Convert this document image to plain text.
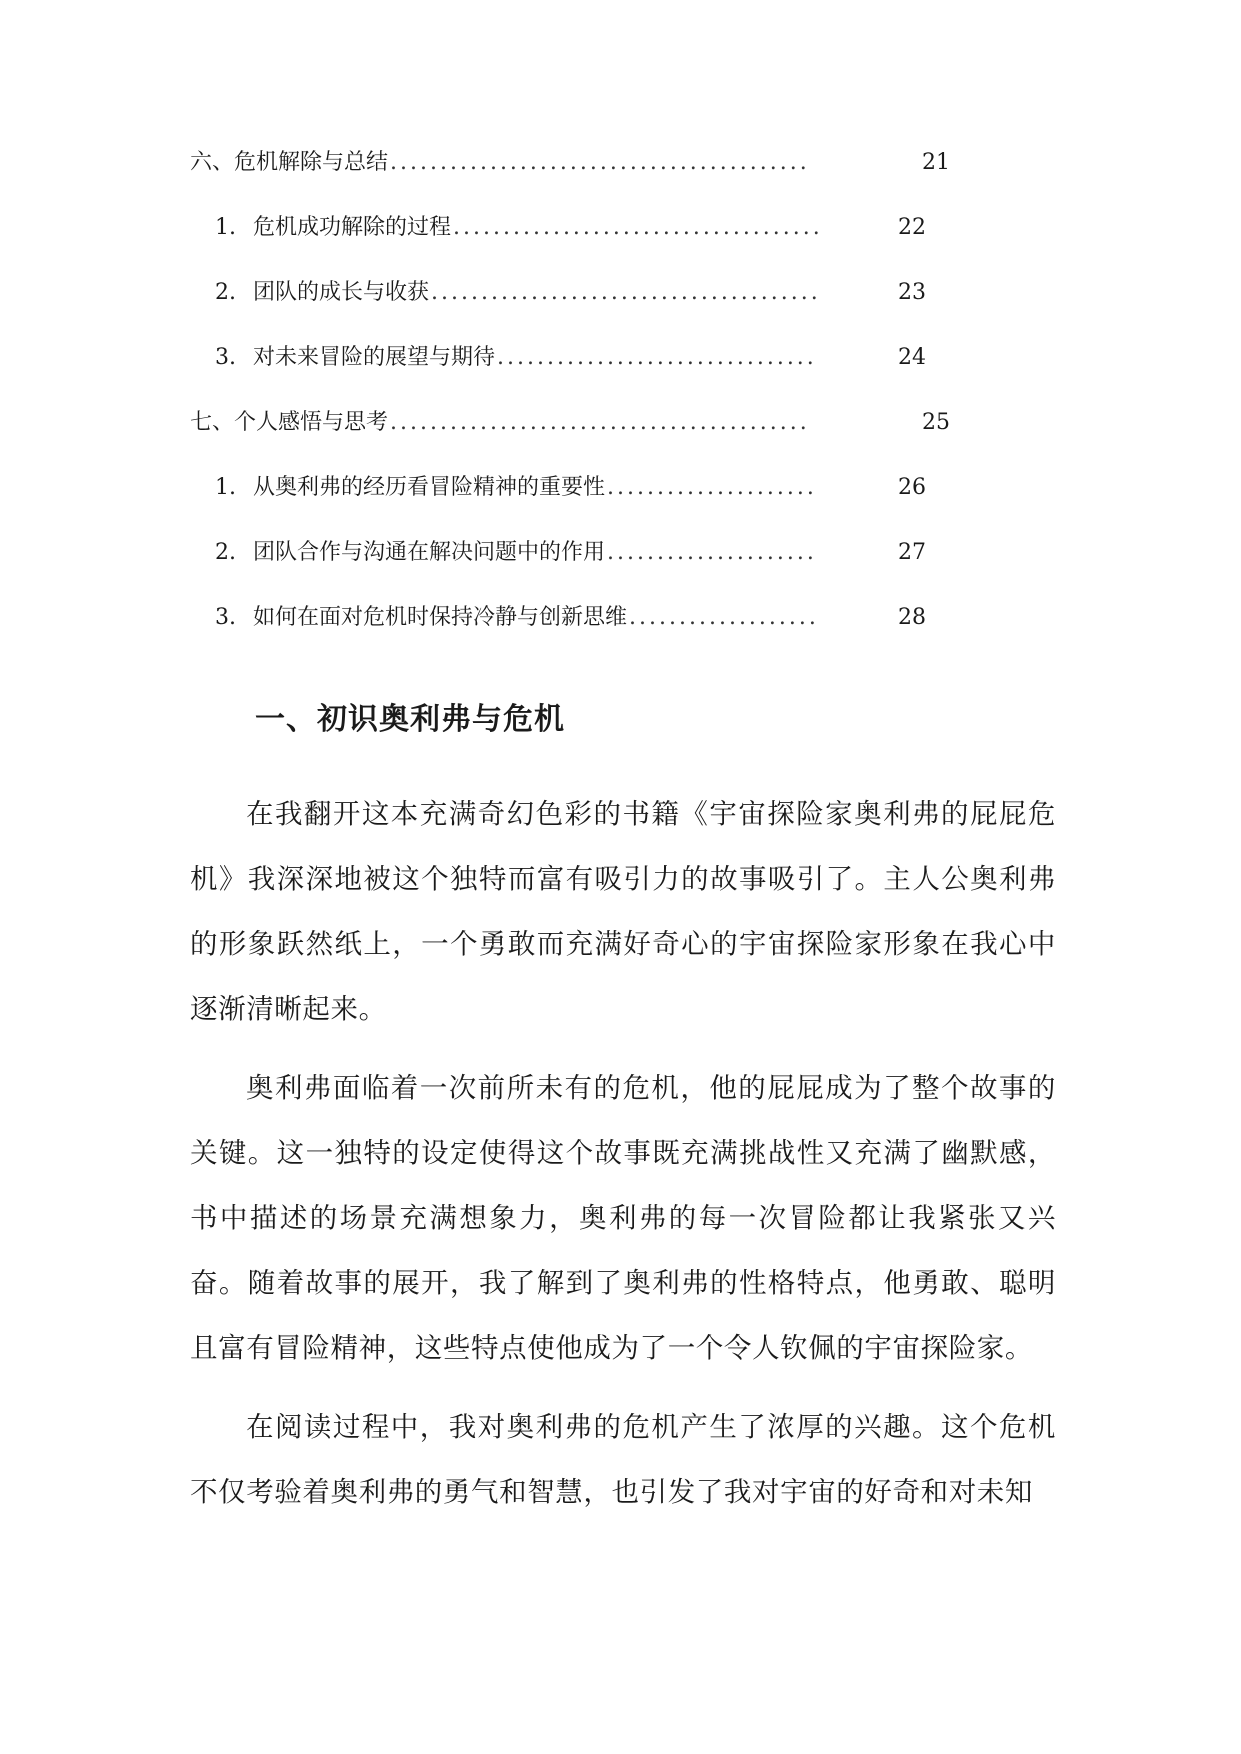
六、危机解除与总结 ..........................................	21
1. 危机成功解除的过程 .....................................	22
2. 团队的成长与收获 .......................................	23
3. 对未来冒险的展望与期待 ................................	24
七、个人感悟与思考 ..........................................	25
1. 从奥利弗的经历看冒险精神的重要性 .....................	26
2. 团队合作与沟通在解决问题中的作用 .....................	27
3. 如何在面对危机时保持冷静与创新思维 ...................	28
一、初识奥利弗与危机

在我翻开这本充满奇幻色彩的书籍《宇宙探险家奥利弗的屁屁危机》我深深地被这个独特而富有吸引力的故事吸引了。主人公奥利弗的形象跃然纸上，一个勇敢而充满好奇心的宇宙探险家形象在我心中逐渐清晰起来。

奥利弗面临着一次前所未有的危机，他的屁屁成为了整个故事的关键。这一独特的设定使得这个故事既充满挑战性又充满了幽默感，书中描述的场景充满想象力，奥利弗的每一次冒险都让我紧张又兴奋。随着故事的展开，我了解到了奥利弗的性格特点，他勇敢、聪明且富有冒险精神，这些特点使他成为了一个令人钦佩的宇宙探险家。

在阅读过程中，我对奥利弗的危机产生了浓厚的兴趣。这个危机不仅考验着奥利弗的勇气和智慧，也引发了我对宇宙的好奇和对未知
